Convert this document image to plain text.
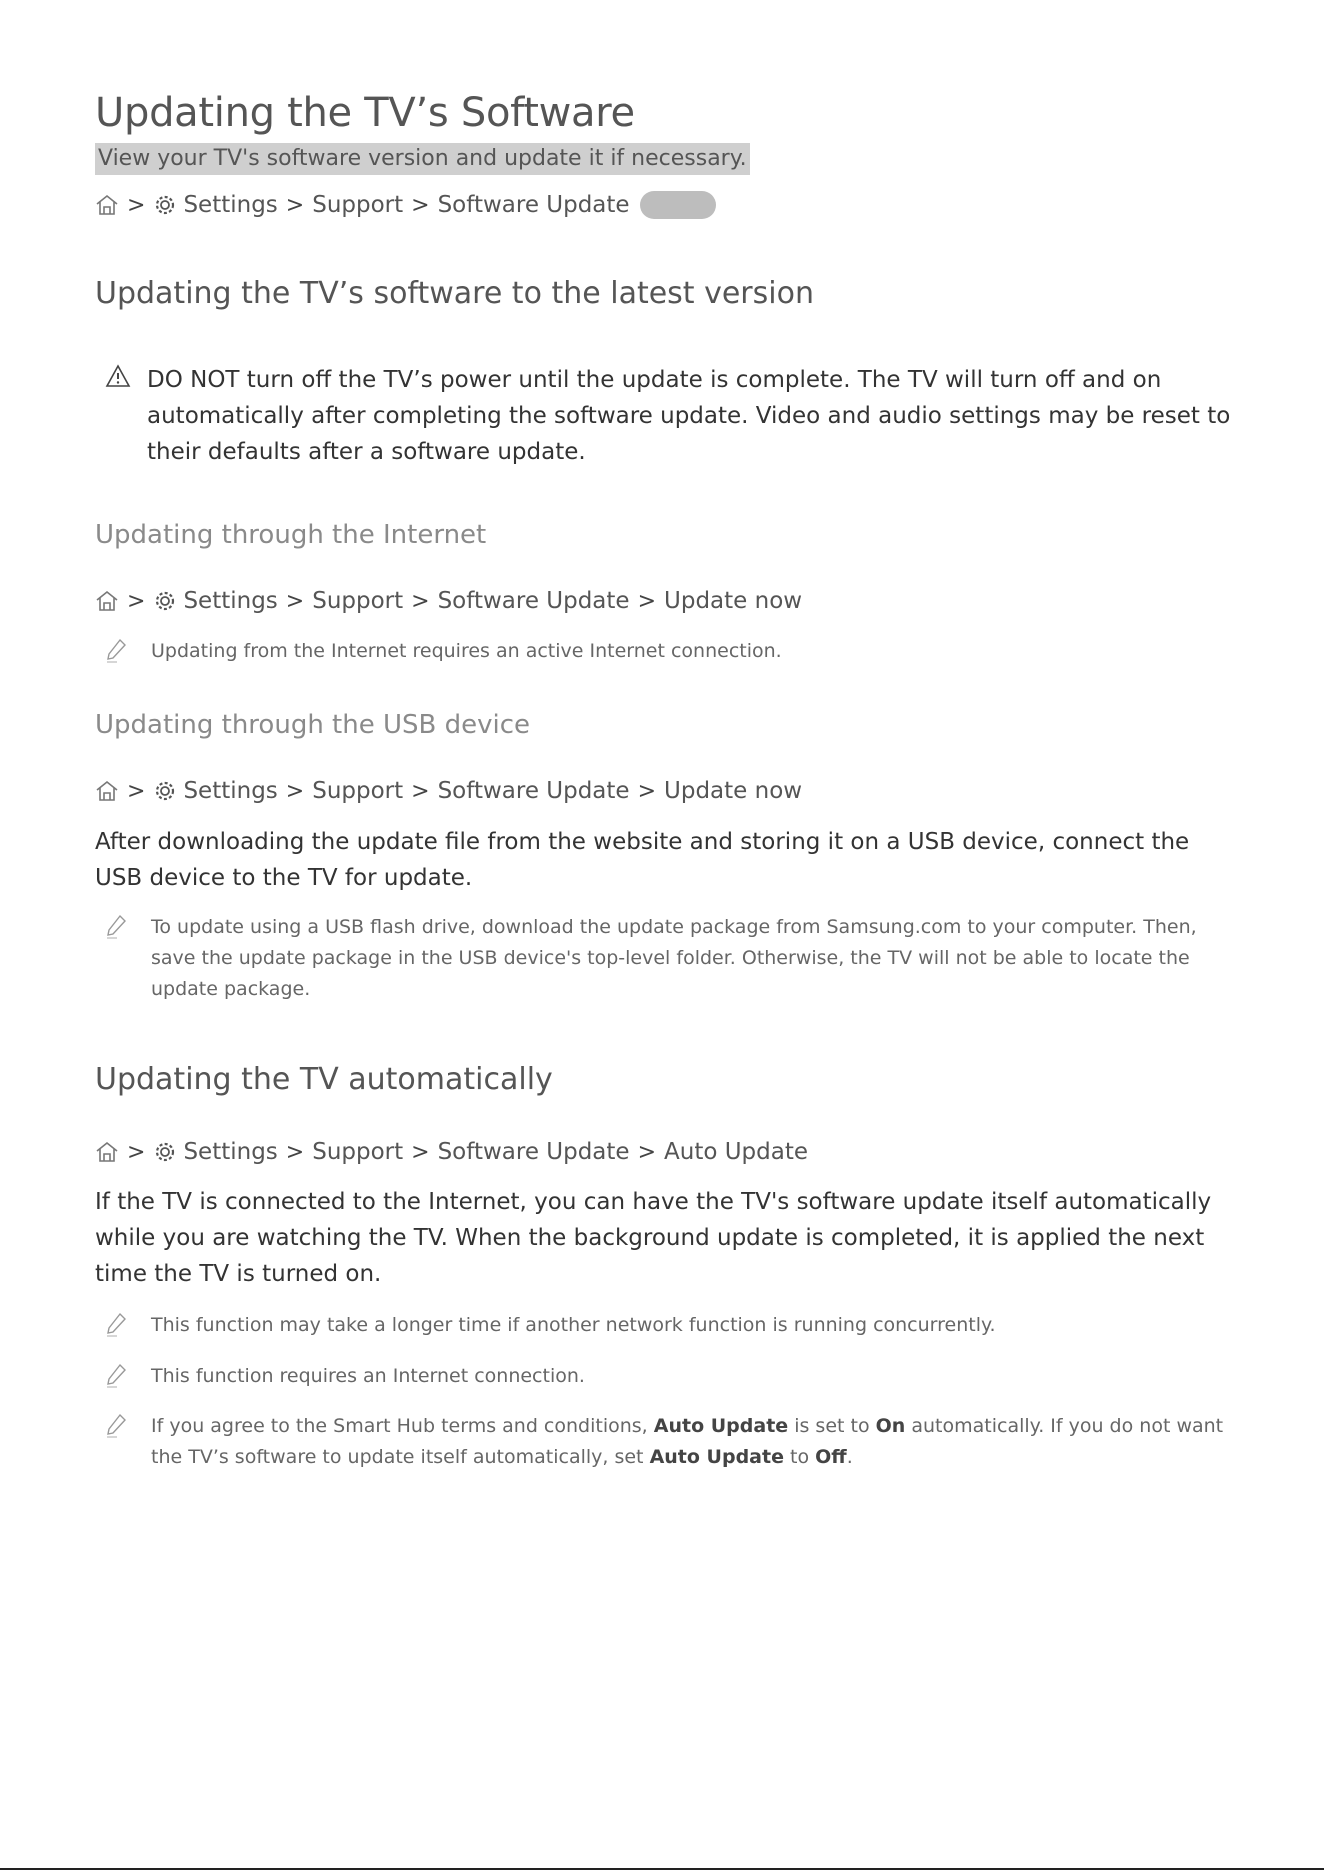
Updating the TV’s Software
View your TV's software version and update it if necessary.
> Settings > Support > Software Update
Updating the TV’s software to the latest version
DO NOT turn off the TV’s power until the update is complete. The TV will turn off and on automatically after completing the software update. Video and audio settings may be reset to their defaults after a software update.
Updating through the Internet
> Settings > Support > Software Update > Update now
Updating from the Internet requires an active Internet connection.
Updating through the USB device
> Settings > Support > Software Update > Update now
After downloading the update file from the website and storing it on a USB device, connect the USB device to the TV for update.
To update using a USB flash drive, download the update package from Samsung.com to your computer. Then, save the update package in the USB device's top-level folder. Otherwise, the TV will not be able to locate the update package.
Updating the TV automatically
> Settings > Support > Software Update > Auto Update
If the TV is connected to the Internet, you can have the TV's software update itself automatically while you are watching the TV. When the background update is completed, it is applied the next time the TV is turned on.
This function may take a longer time if another network function is running concurrently.
This function requires an Internet connection.
If you agree to the Smart Hub terms and conditions, Auto Update is set to On automatically. If you do not want the TV’s software to update itself automatically, set Auto Update to Off.
